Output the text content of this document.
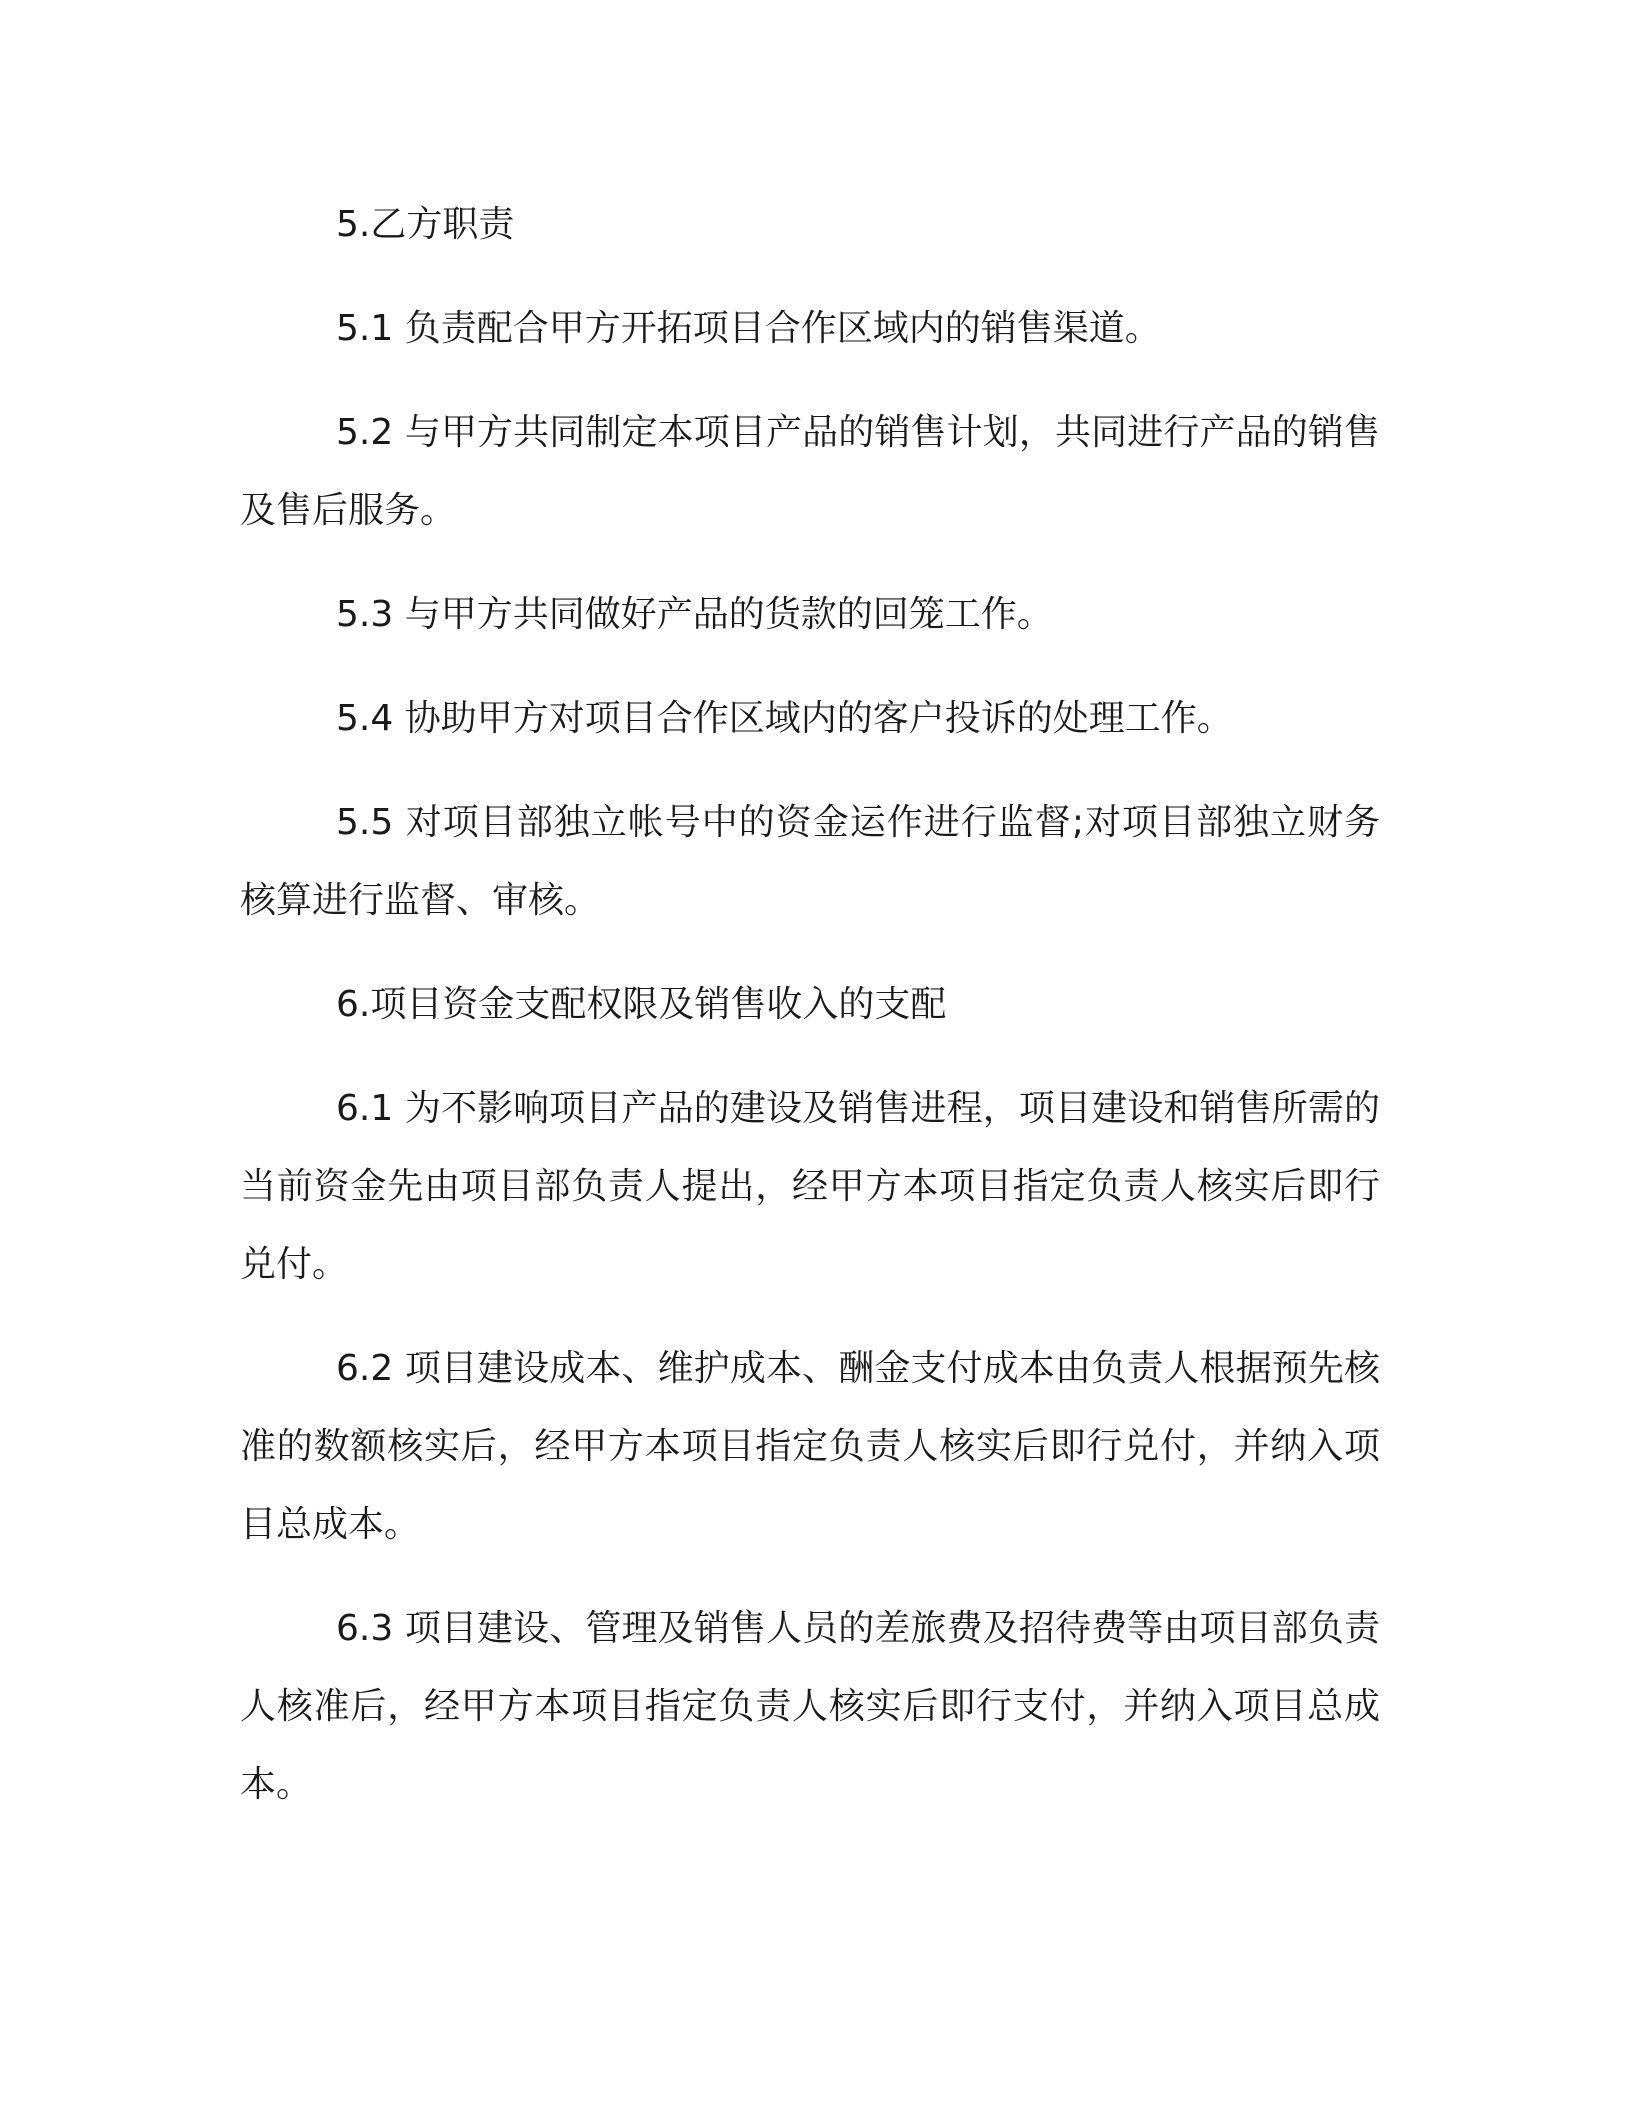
5.乙方职责

5.1 负责配合甲方开拓项目合作区域内的销售渠道。

5.2 与甲方共同制定本项目产品的销售计划，共同进行产品的销售及售后服务。

5.3 与甲方共同做好产品的货款的回笼工作。

5.4 协助甲方对项目合作区域内的客户投诉的处理工作。

5.5 对项目部独立帐号中的资金运作进行监督;对项目部独立财务核算进行监督、审核。

6.项目资金支配权限及销售收入的支配

6.1 为不影响项目产品的建设及销售进程，项目建设和销售所需的当前资金先由项目部负责人提出，经甲方本项目指定负责人核实后即行兑付。

6.2 项目建设成本、维护成本、酬金支付成本由负责人根据预先核准的数额核实后，经甲方本项目指定负责人核实后即行兑付，并纳入项目总成本。

6.3 项目建设、管理及销售人员的差旅费及招待费等由项目部负责人核准后，经甲方本项目指定负责人核实后即行支付，并纳入项目总成本。
